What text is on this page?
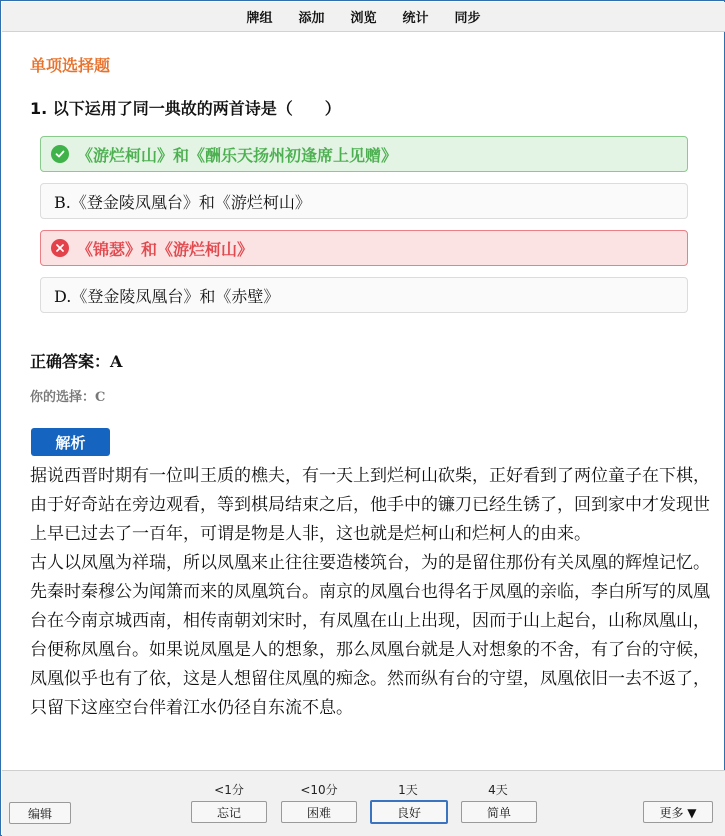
牌组	添加	浏览	统计	同步
单项选择题
1. 以下运用了同一典故的两首诗是（　　）
《游烂柯山》和《酬乐天扬州初逢席上见赠》
B.《登金陵凤凰台》和《游烂柯山》
《锦瑟》和《游烂柯山》
D.《登金陵凤凰台》和《赤壁》
正确答案：A
你的选择：C
解析

据说西晋时期有一位叫王质的樵夫，有一天上到烂柯山砍柴，正好看到了两位童子在下棋，由于好奇站在旁边观看，等到棋局结束之后，他手中的镰刀已经生锈了，回到家中才发现世上早已过去了一百年，可谓是物是人非，这也就是烂柯山和烂柯人的由来。

古人以凤凰为祥瑞，所以凤凰来止往往要造楼筑台，为的是留住那份有关凤凰的辉煌记忆。先秦时秦穆公为闻箫而来的凤凰筑台。南京的凤凰台也得名于凤凰的亲临，李白所写的凤凰台在今南京城西南，相传南朝刘宋时，有凤凰在山上出现，因而于山上起台，山称凤凰山，台便称凤凰台。如果说凤凰是人的想象，那么凤凰台就是人对想象的不舍，有了台的守候，凤凰似乎也有了依，这是人想留住凤凰的痴念。然而纵有台的守望，凤凰依旧一去不返了，只留下这座空台伴着江水仍径自东流不息。

编辑
<1分	<10分	1天	4天
忘记	困难	良好	简单	更多 ▼
